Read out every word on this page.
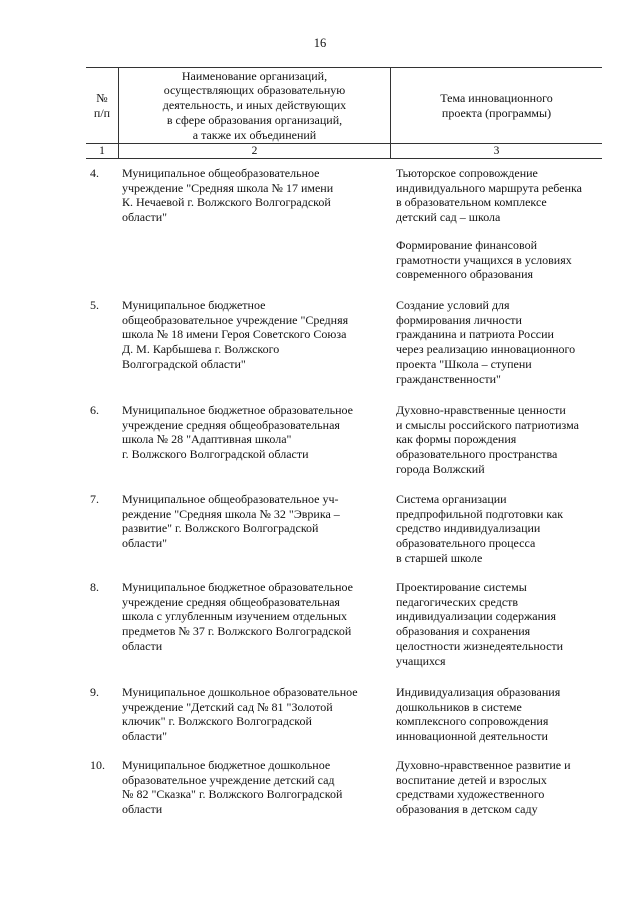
16
№
п/п
Наименование организаций,
осуществляющих образовательную
деятельность, и иных действующих
в сфере образования организаций,
а также их объединений
Тема инновационного
проекта (программы)
1	2	3
4. Муниципальное общеобразовательное
учреждение "Средняя школа № 17 имени
К. Нечаевой г. Волжского Волгоградской
области"
Тьюторское сопровождение
индивидуального маршрута ребенка
в образовательном комплексе
детский сад – школа
Формирование финансовой
грамотности учащихся в условиях
современного образования
5. Муниципальное бюджетное
общеобразовательное учреждение "Средняя
школа № 18 имени Героя Советского Союза
Д. М. Карбышева г. Волжского
Волгоградской области"
Создание условий для
формирования личности
гражданина и патриота России
через реализацию инновационного
проекта "Школа – ступени
гражданственности"
6. Муниципальное бюджетное образовательное
учреждение средняя общеобразовательная
школа № 28 "Адаптивная школа"
г. Волжского Волгоградской области
Духовно-нравственные ценности
и смыслы российского патриотизма
как формы порождения
образовательного пространства
города Волжский
7. Муниципальное общеобразовательное уч-
реждение "Средняя школа № 32 "Эврика –
развитие" г. Волжского Волгоградской
области"
Система организации
предпрофильной подготовки как
средство индивидуализации
образовательного процесса
в старшей школе
8. Муниципальное бюджетное образовательное
учреждение средняя общеобразовательная
школа с углубленным изучением отдельных
предметов № 37 г. Волжского Волгоградской
области
Проектирование системы
педагогических средств
индивидуализации содержания
образования и сохранения
целостности жизнедеятельности
учащихся
9. Муниципальное дошкольное образовательное
учреждение "Детский сад № 81 "Золотой
ключик" г. Волжского Волгоградской
области"
Индивидуализация образования
дошкольников в системе
комплексного сопровождения
инновационной деятельности
10. Муниципальное бюджетное дошкольное
образовательное учреждение детский сад
№ 82 "Сказка" г. Волжского Волгоградской
области
Духовно-нравственное развитие и
воспитание детей и взрослых
средствами художественного
образования в детском саду
